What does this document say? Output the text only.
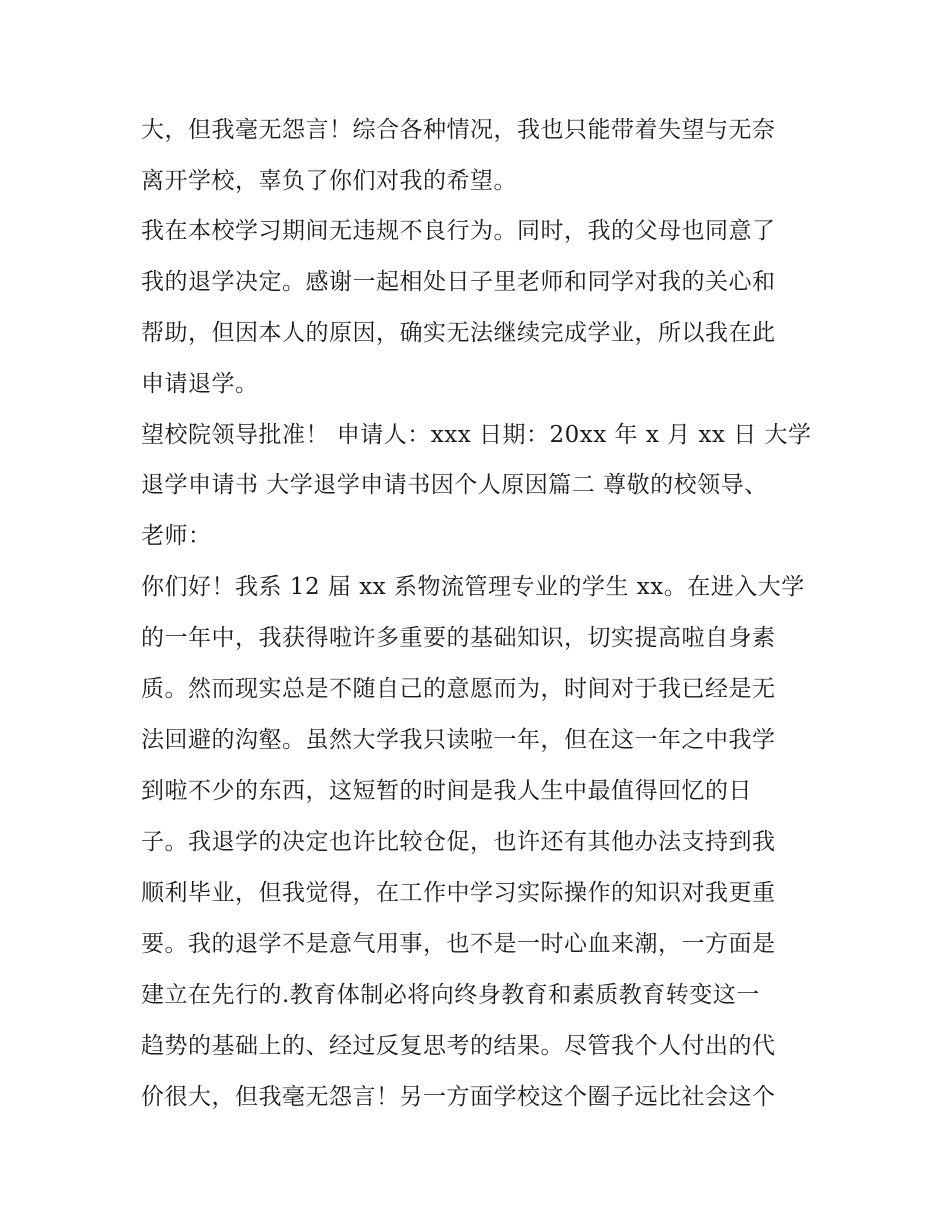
大，但我毫无怨言！综合各种情况，我也只能带着失望与无奈
离开学校，辜负了你们对我的希望。
我在本校学习期间无违规不良行为。同时，我的父母也同意了
我的退学决定。感谢一起相处日子里老师和同学对我的关心和
帮助，但因本人的原因，确实无法继续完成学业，所以我在此
申请退学。
望校院领导批准！ 申请人：xxx 日期：20xx 年 x 月 xx 日 大学
退学申请书 大学退学申请书因个人原因篇二 尊敬的校领导、
老师：
你们好！我系 12 届 xx 系物流管理专业的学生 xx。在进入大学
的一年中，我获得啦许多重要的基础知识，切实提高啦自身素
质。然而现实总是不随自己的意愿而为，时间对于我已经是无
法回避的沟壑。虽然大学我只读啦一年，但在这一年之中我学
到啦不少的东西，这短暂的时间是我人生中最值得回忆的日
子。我退学的决定也许比较仓促，也许还有其他办法支持到我
顺利毕业，但我觉得，在工作中学习实际操作的知识对我更重
要。我的退学不是意气用事，也不是一时心血来潮，一方面是
建立在先行的.教育体制必将向终身教育和素质教育转变这一
趋势的基础上的、经过反复思考的结果。尽管我个人付出的代
价很大，但我毫无怨言！另一方面学校这个圈子远比社会这个
